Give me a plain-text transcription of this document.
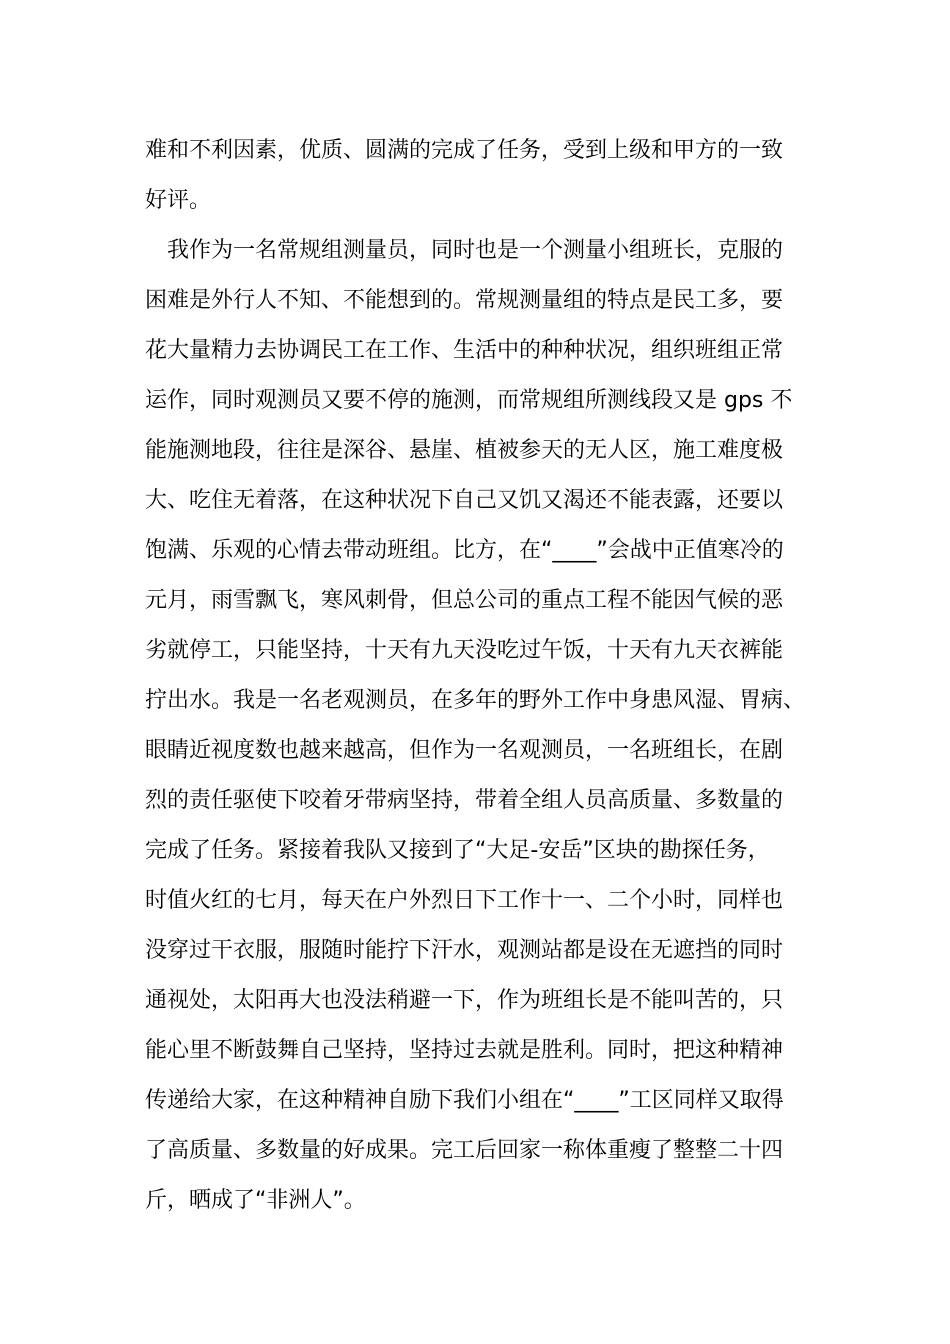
难和不利因素，优质、圆满的完成了任务，受到上级和甲方的一致
好评。
我作为一名常规组测量员，同时也是一个测量小组班长，克服的
困难是外行人不知、不能想到的。常规测量组的特点是民工多，要
花大量精力去协调民工在工作、生活中的种种状况，组织班组正常
运作，同时观测员又要不停的施测，而常规组所测线段又是 gps 不
能施测地段，往往是深谷、悬崖、植被参天的无人区，施工难度极
大、吃住无着落，在这种状况下自己又饥又渴还不能表露，还要以
饱满、乐观的心情去带动班组。比方，在“____”会战中正值寒冷的
元月，雨雪飘飞，寒风刺骨，但总公司的重点工程不能因气候的恶
劣就停工，只能坚持，十天有九天没吃过午饭，十天有九天衣裤能
拧出水。我是一名老观测员，在多年的野外工作中身患风湿、胃病、
眼睛近视度数也越来越高，但作为一名观测员，一名班组长，在剧
烈的责任驱使下咬着牙带病坚持，带着全组人员高质量、多数量的
完成了任务。紧接着我队又接到了“大足-安岳”区块的勘探任务，
时值火红的七月，每天在户外烈日下工作十一、二个小时，同样也
没穿过干衣服，服随时能拧下汗水，观测站都是设在无遮挡的同时
通视处，太阳再大也没法稍避一下，作为班组长是不能叫苦的，只
能心里不断鼓舞自己坚持，坚持过去就是胜利。同时，把这种精神
传递给大家，在这种精神自励下我们小组在“____”工区同样又取得
了高质量、多数量的好成果。完工后回家一称体重瘦了整整二十四
斤，晒成了“非洲人”。
